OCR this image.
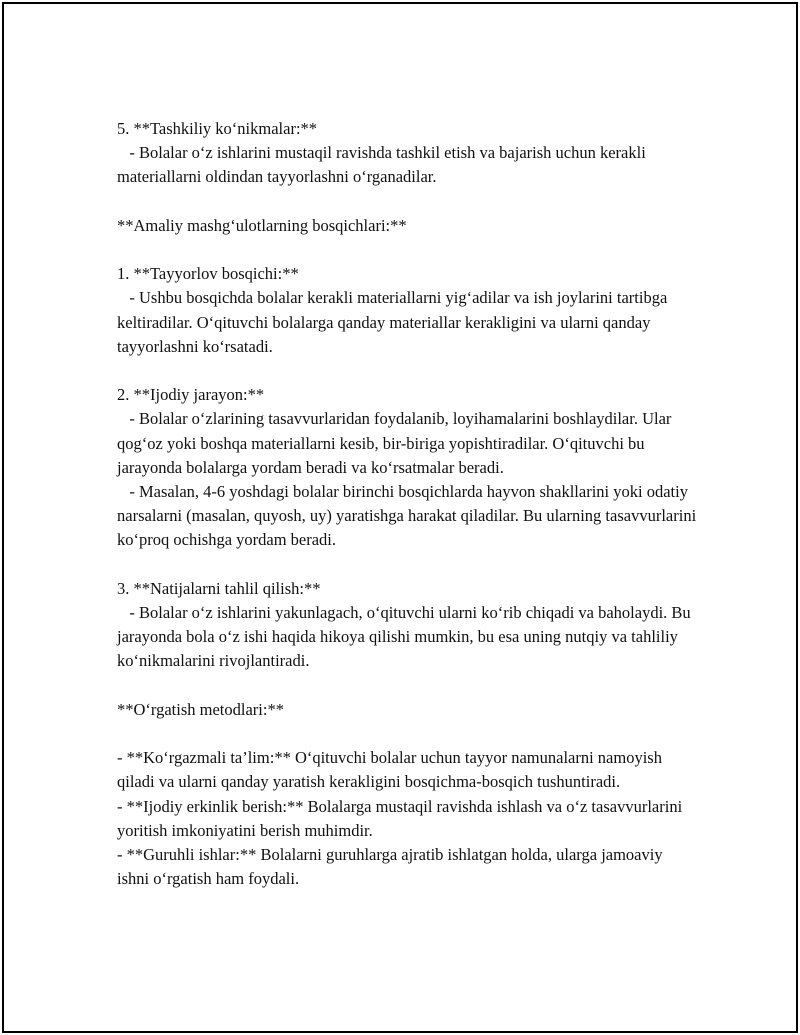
5. **Tashkiliy ko‘nikmalar:**

- Bolalar o‘z ishlarini mustaqil ravishda tashkil etish va bajarish uchun kerakli materiallarni oldindan tayyorlashni o‘rganadilar.

**Amaliy mashg‘ulotlarning bosqichlari:**

1. **Tayyorlov bosqichi:**

- Ushbu bosqichda bolalar kerakli materiallarni yig‘adilar va ish joylarini tartibga keltiradilar. O‘qituvchi bolalarga qanday materiallar kerakligini va ularni qanday tayyorlashni ko‘rsatadi.

2. **Ijodiy jarayon:**

- Bolalar o‘zlarining tasavvurlaridan foydalanib, loyihamalarini boshlaydilar. Ular qog‘oz yoki boshqa materiallarni kesib, bir-biriga yopishtiradilar. O‘qituvchi bu jarayonda bolalarga yordam beradi va ko‘rsatmalar beradi.

- Masalan, 4-6 yoshdagi bolalar birinchi bosqichlarda hayvon shakllarini yoki odatiy narsalarni (masalan, quyosh, uy) yaratishga harakat qiladilar. Bu ularning tasavvurlarini ko‘proq ochishga yordam beradi.

3. **Natijalarni tahlil qilish:**

- Bolalar o‘z ishlarini yakunlagach, o‘qituvchi ularni ko‘rib chiqadi va baholaydi. Bu jarayonda bola o‘z ishi haqida hikoya qilishi mumkin, bu esa uning nutqiy va tahliliy ko‘nikmalarini rivojlantiradi.

**O‘rgatish metodlari:**

- **Ko‘rgazmali ta’lim:** O‘qituvchi bolalar uchun tayyor namunalarni namoyish qiladi va ularni qanday yaratish kerakligini bosqichma-bosqich tushuntiradi.

- **Ijodiy erkinlik berish:** Bolalarga mustaqil ravishda ishlash va o‘z tasavvurlarini yoritish imkoniyatini berish muhimdir.

- **Guruhli ishlar:** Bolalarni guruhlarga ajratib ishlatgan holda, ularga jamoaviy ishni o‘rgatish ham foydali.
